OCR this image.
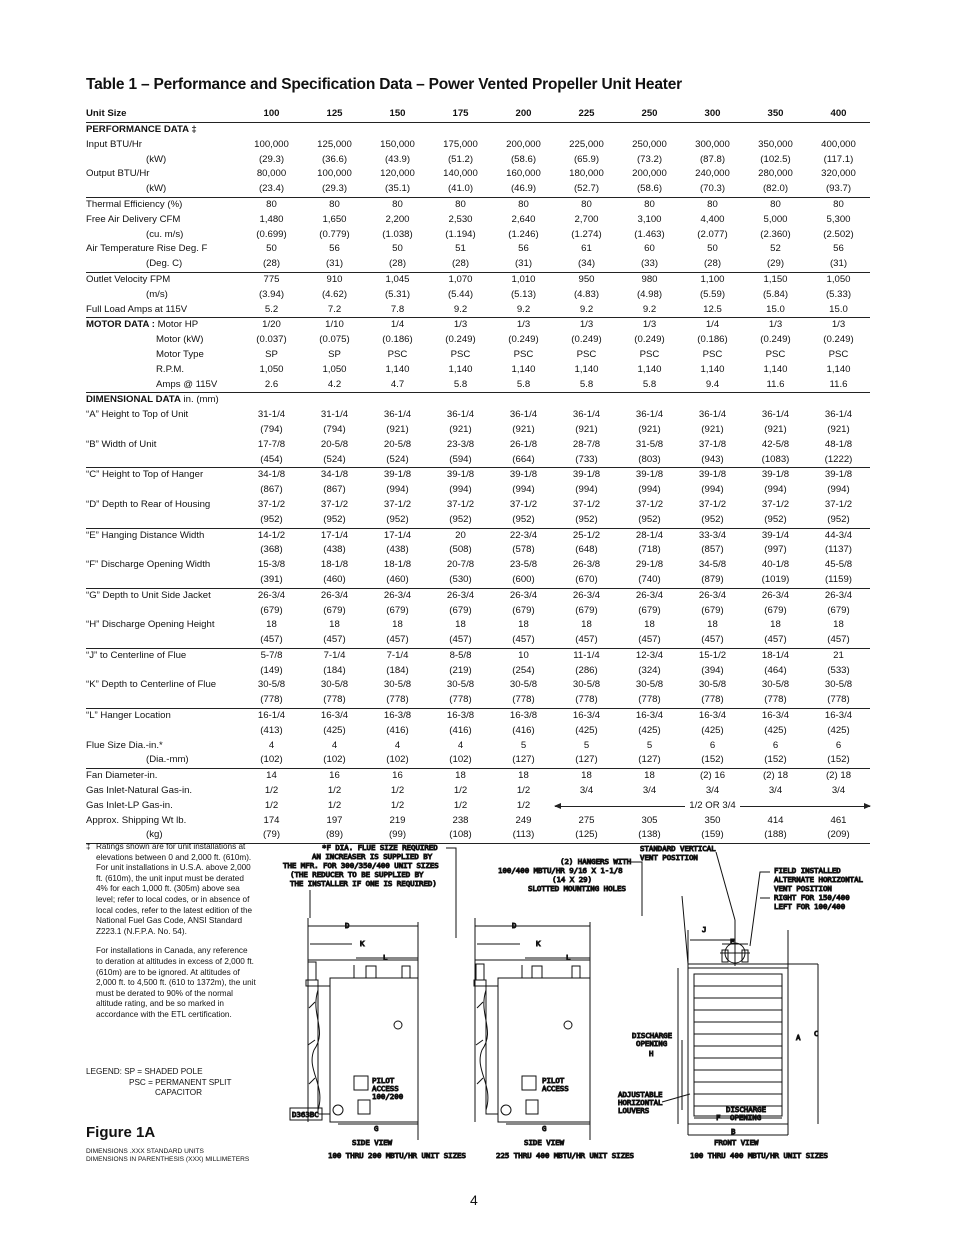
Table 1 – Performance and Specification Data – Power Vented Propeller Unit Heater
Unit Size	100	125	150	175	200	225	250	300	350	400
PERFORMANCE DATA ‡										
Input BTU/Hr	100,000	125,000	150,000	175,000	200,000	225,000	250,000	300,000	350,000	400,000
(kW)	(29.3)	(36.6)	(43.9)	(51.2)	(58.6)	(65.9)	(73.2)	(87.8)	(102.5)	(117.1)
Output BTU/Hr	80,000	100,000	120,000	140,000	160,000	180,000	200,000	240,000	280,000	320,000
(kW)	(23.4)	(29.3)	(35.1)	(41.0)	(46.9)	(52.7)	(58.6)	(70.3)	(82.0)	(93.7)
Thermal Efficiency (%)	80	80	80	80	80	80	80	80	80	80
Free Air Delivery CFM	1,480	1,650	2,200	2,530	2,640	2,700	3,100	4,400	5,000	5,300
(cu. m/s)	(0.699)	(0.779)	(1.038)	(1.194)	(1.246)	(1.274)	(1.463)	(2.077)	(2.360)	(2.502)
Air Temperature Rise Deg. F	50	56	50	51	56	61	60	50	52	56
(Deg. C)	(28)	(31)	(28)	(28)	(31)	(34)	(33)	(28)	(29)	(31)
Outlet Velocity FPM	775	910	1,045	1,070	1,010	950	980	1,100	1,150	1,050
(m/s)	(3.94)	(4.62)	(5.31)	(5.44)	(5.13)	(4.83)	(4.98)	(5.59)	(5.84)	(5.33)
Full Load Amps at 115V	5.2	7.2	7.8	9.2	9.2	9.2	9.2	12.5	15.0	15.0
MOTOR DATA : Motor HP	1/20	1/10	1/4	1/3	1/3	1/3	1/3	1/4	1/3	1/3
Motor (kW)	(0.037)	(0.075)	(0.186)	(0.249)	(0.249)	(0.249)	(0.249)	(0.186)	(0.249)	(0.249)
Motor Type	SP	SP	PSC	PSC	PSC	PSC	PSC	PSC	PSC	PSC
R.P.M.	1,050	1,050	1,140	1,140	1,140	1,140	1,140	1,140	1,140	1,140
Amps @ 115V	2.6	4.2	4.7	5.8	5.8	5.8	5.8	9.4	11.6	11.6
DIMENSIONAL DATA in. (mm)										
“A” Height to Top of Unit	31-1/4	31-1/4	36-1/4	36-1/4	36-1/4	36-1/4	36-1/4	36-1/4	36-1/4	36-1/4
	(794)	(794)	(921)	(921)	(921)	(921)	(921)	(921)	(921)	(921)
“B” Width of Unit	17-7/8	20-5/8	20-5/8	23-3/8	26-1/8	28-7/8	31-5/8	37-1/8	42-5/8	48-1/8
	(454)	(524)	(524)	(594)	(664)	(733)	(803)	(943)	(1083)	(1222)
“C” Height to Top of Hanger	34-1/8	34-1/8	39-1/8	39-1/8	39-1/8	39-1/8	39-1/8	39-1/8	39-1/8	39-1/8
	(867)	(867)	(994)	(994)	(994)	(994)	(994)	(994)	(994)	(994)
“D” Depth to Rear of Housing	37-1/2	37-1/2	37-1/2	37-1/2	37-1/2	37-1/2	37-1/2	37-1/2	37-1/2	37-1/2
	(952)	(952)	(952)	(952)	(952)	(952)	(952)	(952)	(952)	(952)
“E” Hanging Distance Width	14-1/2	17-1/4	17-1/4	20	22-3/4	25-1/2	28-1/4	33-3/4	39-1/4	44-3/4
	(368)	(438)	(438)	(508)	(578)	(648)	(718)	(857)	(997)	(1137)
“F” Discharge Opening Width	15-3/8	18-1/8	18-1/8	20-7/8	23-5/8	26-3/8	29-1/8	34-5/8	40-1/8	45-5/8
	(391)	(460)	(460)	(530)	(600)	(670)	(740)	(879)	(1019)	(1159)
“G” Depth to Unit Side Jacket	26-3/4	26-3/4	26-3/4	26-3/4	26-3/4	26-3/4	26-3/4	26-3/4	26-3/4	26-3/4
	(679)	(679)	(679)	(679)	(679)	(679)	(679)	(679)	(679)	(679)
“H” Discharge Opening Height	18	18	18	18	18	18	18	18	18	18
	(457)	(457)	(457)	(457)	(457)	(457)	(457)	(457)	(457)	(457)
“J” to Centerline of Flue	5-7/8	7-1/4	7-1/4	8-5/8	10	11-1/4	12-3/4	15-1/2	18-1/4	21
	(149)	(184)	(184)	(219)	(254)	(286)	(324)	(394)	(464)	(533)
“K” Depth to Centerline of Flue	30-5/8	30-5/8	30-5/8	30-5/8	30-5/8	30-5/8	30-5/8	30-5/8	30-5/8	30-5/8
	(778)	(778)	(778)	(778)	(778)	(778)	(778)	(778)	(778)	(778)
“L” Hanger Location	16-1/4	16-3/4	16-3/8	16-3/8	16-3/8	16-3/4	16-3/4	16-3/4	16-3/4	16-3/4
	(413)	(425)	(416)	(416)	(416)	(425)	(425)	(425)	(425)	(425)
Flue Size Dia.-in.*	4	4	4	4	5	5	5	6	6	6
(Dia.-mm)	(102)	(102)	(102)	(102)	(127)	(127)	(127)	(152)	(152)	(152)
Fan Diameter-in.	14	16	16	18	18	18	18	(2) 16	(2) 18	(2) 18
Gas Inlet-Natural Gas-in.	1/2	1/2	1/2	1/2	1/2	3/4	3/4	3/4	3/4	3/4
Gas Inlet-LP Gas-in.	1/2	1/2	1/2	1/2	1/2	1/2 OR 3/4				
Approx. Shipping Wt lb.	174	197	219	238	249	275	305	350	414	461
(kg)	(79)	(89)	(99)	(108)	(113)	(125)	(138)	(159)	(188)	(209)

‡ Ratings shown are for unit installations at elevations between 0 and 2,000 ft. (610m). For unit installations in U.S.A. above 2,000 ft. (610m), the unit input must be derated 4% for each 1,000 ft. (305m) above sea level; refer to local codes, or in absence of local codes, refer to the latest edition of the National Fuel Gas Code, ANSI Standard Z223.1 (N.F.P.A. No. 54).

For installations in Canada, any reference to deration at altitudes in excess of 2,000 ft. (610m) are to be ignored. At altitudes of 2,000 ft. to 4,500 ft. (610 to 1372m), the unit must be derated to 90% of the normal altitude rating, and be so marked in accordance with the ETL certification.

LEGEND: SP = SHADED POLE
PSC = PERMANENT SPLIT
CAPACITOR
Figure 1A
DIMENSIONS .XXX STANDARD UNITS
DIMENSIONS IN PARENTHESIS (XXX) MILLIMETERS
D
K
L
G
PILOT
ACCESS
100/200
D363BC
SIDE VIEW
100 THRU 200 MBTU/HR UNIT SIZES
D
K
L
G
PILOT
ACCESS
SIDE VIEW
225 THRU 400 MBTU/HR UNIT SIZES
J
E
A C
F
B
H
DISCHARGE
OPENING
DISCHARGE
OPENING
ADJUSTABLE
HORIZONTAL
LOUVERS
FRONT VIEW
100 THRU 400 MBTU/HR UNIT SIZES
*F DIA. FLUE SIZE REQUIRED
AN INCREASER IS SUPPLIED BY
THE MFR. FOR 300/350/400 UNIT SIZES
(THE REDUCER TO BE SUPPLIED BY
THE INSTALLER IF ONE IS REQUIRED)
(2) HANGERS WITH
100/400 MBTU/HR 9/16 X 1-1/8
(14 X 29)
SLOTTED MOUNTING HOLES
STANDARD VERTICAL
VENT POSITION
FIELD INSTALLED
ALTERNATE HORIZONTAL
VENT POSITION
RIGHT FOR 150/400
LEFT FOR 100/400
4
